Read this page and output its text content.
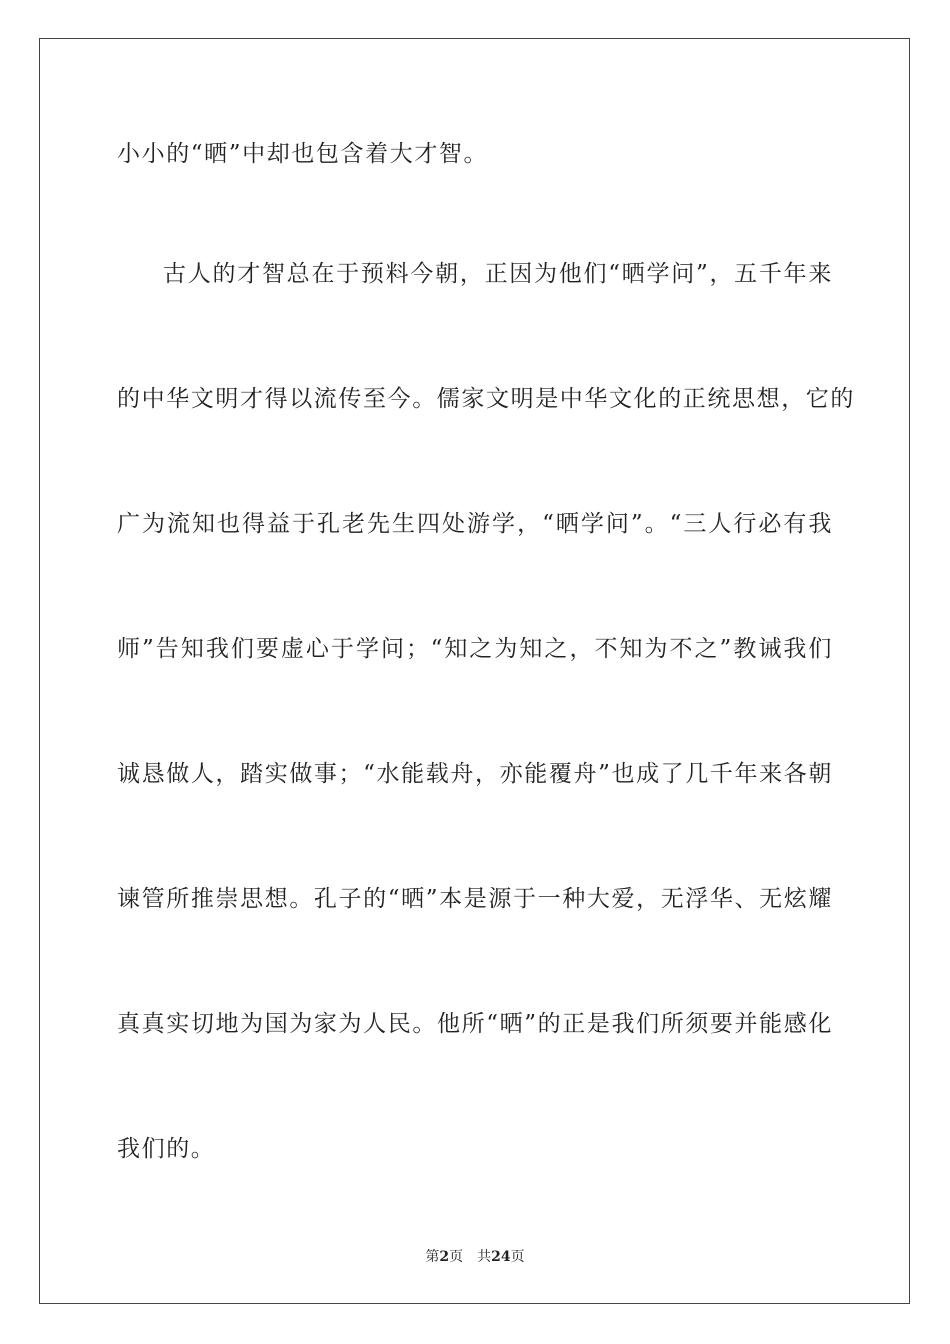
小小的“晒”中却也包含着大才智。
古人的才智总在于预料今朝，正因为他们“晒学问”，五千年来
的中华文明才得以流传至今。儒家文明是中华文化的正统思想，它的
广为流知也得益于孔老先生四处游学，“晒学问”。“三人行必有我
师”告知我们要虚心于学问；“知之为知之，不知为不之”教诫我们
诚恳做人，踏实做事；“水能载舟，亦能覆舟”也成了几千年来各朝
谏管所推崇思想。孔子的“晒”本是源于一种大爱，无浮华、无炫耀
真真实切地为国为家为人民。他所“晒”的正是我们所须要并能感化
我们的。
第2页 共24页
